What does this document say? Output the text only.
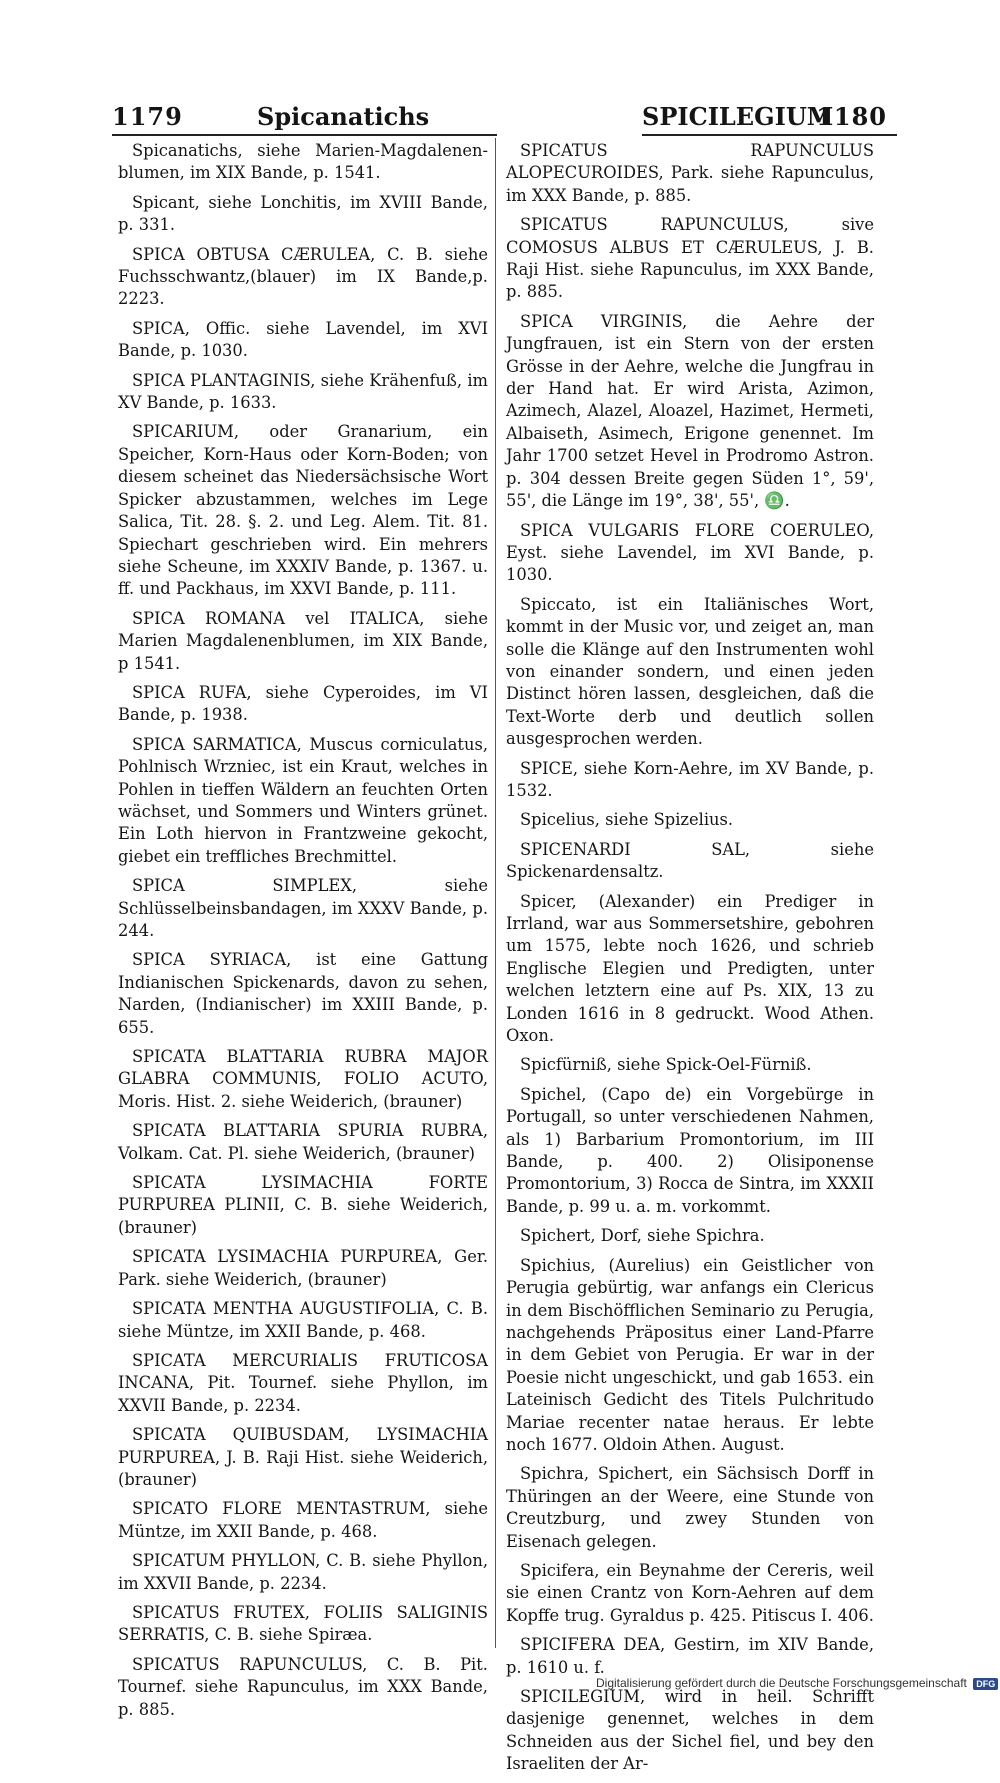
1179	Spicanatichs	SPICILEGIUM
1180

Spicanatichs, siehe Marien-Magdalenen-blumen, im XIX Bande, p. 1541.

Spicant, siehe Lonchitis, im XVIII Bande, p. 331.

SPICA OBTUSA CÆRULEA, C. B. siehe Fuchsschwantz,(blauer) im IX Bande,p. 2223.

SPICA, Offic. siehe Lavendel, im XVI Bande, p. 1030.

SPICA PLANTAGINIS, siehe Krähenfuß, im XV Bande, p. 1633.

SPICARIUM, oder Granarium, ein Speicher, Korn-Haus oder Korn-Boden; von diesem scheinet das Niedersächsische Wort Spicker abzustammen, welches im Lege Salica, Tit. 28. §. 2. und Leg. Alem. Tit. 81. Spiechart geschrieben wird. Ein mehrers siehe Scheune, im XXXIV Bande, p. 1367. u. ff. und Packhaus, im XXVI Bande, p. 111.

SPICA ROMANA vel ITALICA, siehe Marien Magdalenenblumen, im XIX Bande, p 1541.

SPICA RUFA, siehe Cyperoides, im VI Bande, p. 1938.

SPICA SARMATICA, Muscus corniculatus, Pohlnisch Wrzniec, ist ein Kraut, welches in Pohlen in tieffen Wäldern an feuchten Orten wächset, und Sommers und Winters grünet. Ein Loth hiervon in Frantzweine gekocht, giebet ein treffliches Brechmittel.

SPICA SIMPLEX, siehe Schlüsselbeinsbandagen, im XXXV Bande, p. 244.

SPICA SYRIACA, ist eine Gattung Indianischen Spickenards, davon zu sehen, Narden, (Indianischer) im XXIII Bande, p. 655.

SPICATA BLATTARIA RUBRA MAJOR GLABRA COMMUNIS, FOLIO ACUTO, Moris. Hist. 2. siehe Weiderich, (brauner)

SPICATA BLATTARIA SPURIA RUBRA, Volkam. Cat. Pl. siehe Weiderich, (brauner)

SPICATA LYSIMACHIA FORTE PURPUREA PLINII, C. B. siehe Weiderich, (brauner)

SPICATA LYSIMACHIA PURPUREA, Ger. Park. siehe Weiderich, (brauner)

SPICATA MENTHA AUGUSTIFOLIA, C. B. siehe Müntze, im XXII Bande, p. 468.

SPICATA MERCURIALIS FRUTICOSA INCANA, Pit. Tournef. siehe Phyllon, im XXVII Bande, p. 2234.

SPICATA QUIBUSDAM, LYSIMACHIA PURPUREA, J. B. Raji Hist. siehe Weiderich, (brauner)

SPICATO FLORE MENTASTRUM, siehe Müntze, im XXII Bande, p. 468.

SPICATUM PHYLLON, C. B. siehe Phyllon, im XXVII Bande, p. 2234.

SPICATUS FRUTEX, FOLIIS SALIGINIS SERRATIS, C. B. siehe Spiræa.

SPICATUS RAPUNCULUS, C. B. Pit. Tournef. siehe Rapunculus, im XXX Bande, p. 885.

SPICATUS RAPUNCULUS ALOPECUROIDES, Park. siehe Rapunculus, im XXX Bande, p. 885.

SPICATUS RAPUNCULUS, sive COMOSUS ALBUS ET CÆRULEUS, J. B. Raji Hist. siehe Rapunculus, im XXX Bande, p. 885.

SPICA VIRGINIS, die Aehre der Jungfrauen, ist ein Stern von der ersten Grösse in der Aehre, welche die Jungfrau in der Hand hat. Er wird Arista, Azimon, Azimech, Alazel, Aloazel, Hazimet, Hermeti, Albaiseth, Asimech, Erigone genennet. Im Jahr 1700 setzet Hevel in Prodromo Astron. p. 304 dessen Breite gegen Süden 1°, 59', 55', die Länge im 19°, 38', 55', ♎.

SPICA VULGARIS FLORE COERULEO, Eyst. siehe Lavendel, im XVI Bande, p. 1030.

Spiccato, ist ein Italiänisches Wort, kommt in der Music vor, und zeiget an, man solle die Klänge auf den Instrumenten wohl von einander sondern, und einen jeden Distinct hören lassen, desgleichen, daß die Text-Worte derb und deutlich sollen ausgesprochen werden.

SPICE, siehe Korn-Aehre, im XV Bande, p. 1532.

Spicelius, siehe Spizelius.

SPICENARDI SAL, siehe Spickenardensaltz.

Spicer, (Alexander) ein Prediger in Irrland, war aus Sommersetshire, gebohren um 1575, lebte noch 1626, und schrieb Englische Elegien und Predigten, unter welchen letztern eine auf Ps. XIX, 13 zu Londen 1616 in 8 gedruckt. Wood Athen. Oxon.

Spicfürniß, siehe Spick-Oel-Fürniß.

Spichel, (Capo de) ein Vorgebürge in Portugall, so unter verschiedenen Nahmen, als 1) Barbarium Promontorium, im III Bande, p. 400. 2) Olisiponense Promontorium, 3) Rocca de Sintra, im XXXII Bande, p. 99 u. a. m. vorkommt.

Spichert, Dorf, siehe Spichra.

Spichius, (Aurelius) ein Geistlicher von Perugia gebürtig, war anfangs ein Clericus in dem Bischöfflichen Seminario zu Perugia, nachgehends Präpositus einer Land-Pfarre in dem Gebiet von Perugia. Er war in der Poesie nicht ungeschickt, und gab 1653. ein Lateinisch Gedicht des Titels Pulchritudo Mariae recenter natae heraus. Er lebte noch 1677. Oldoin Athen. August.

Spichra, Spichert, ein Sächsisch Dorff in Thüringen an der Weere, eine Stunde von Creutzburg, und zwey Stunden von Eisenach gelegen.

Spicifera, ein Beynahme der Cereris, weil sie einen Crantz von Korn-Aehren auf dem Kopffe trug. Gyraldus p. 425. Pitiscus I. 406.

SPICIFERA DEA, Gestirn, im XIV Bande, p. 1610 u. f.

SPICILEGIUM, wird in heil. Schrifft dasjenige genennet, welches in dem Schneiden aus der Sichel fiel, und bey den Israeliten der Ar-

Digitalisierung gefördert durch die Deutsche Forschungsgemeinschaft DFG
